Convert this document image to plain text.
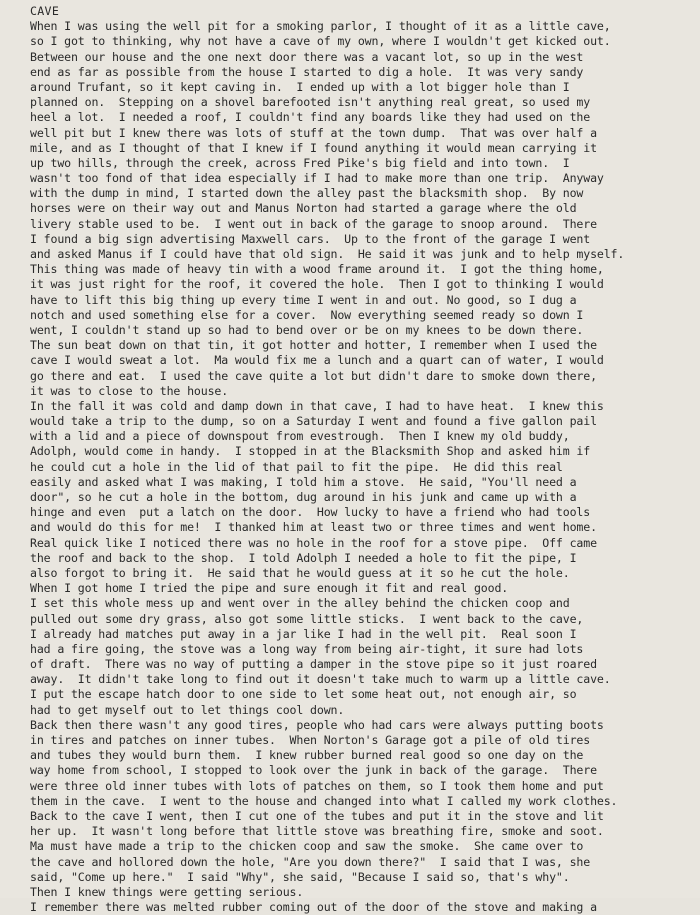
CAVE
When I was using the well pit for a smoking parlor, I thought of it as a little cave,
so I got to thinking, why not have a cave of my own, where I wouldn't get kicked out.
Between our house and the one next door there was a vacant lot, so up in the west
end as far as possible from the house I started to dig a hole.  It was very sandy
around Trufant, so it kept caving in.  I ended up with a lot bigger hole than I
planned on.  Stepping on a shovel barefooted isn't anything real great, so used my
heel a lot.  I needed a roof, I couldn't find any boards like they had used on the
well pit but I knew there was lots of stuff at the town dump.  That was over half a
mile, and as I thought of that I knew if I found anything it would mean carrying it
up two hills, through the creek, across Fred Pike's big field and into town.  I
wasn't too fond of that idea especially if I had to make more than one trip.  Anyway
with the dump in mind, I started down the alley past the blacksmith shop.  By now
horses were on their way out and Manus Norton had started a garage where the old
livery stable used to be.  I went out in back of the garage to snoop around.  There
I found a big sign advertising Maxwell cars.  Up to the front of the garage I went
and asked Manus if I could have that old sign.  He said it was junk and to help myself.
This thing was made of heavy tin with a wood frame around it.  I got the thing home,
it was just right for the roof, it covered the hole.  Then I got to thinking I would
have to lift this big thing up every time I went in and out. No good, so I dug a
notch and used something else for a cover.  Now everything seemed ready so down I
went, I couldn't stand up so had to bend over or be on my knees to be down there.
The sun beat down on that tin, it got hotter and hotter, I remember when I used the
cave I would sweat a lot.  Ma would fix me a lunch and a quart can of water, I would
go there and eat.  I used the cave quite a lot but didn't dare to smoke down there,
it was to close to the house.
In the fall it was cold and damp down in that cave, I had to have heat.  I knew this
would take a trip to the dump, so on a Saturday I went and found a five gallon pail
with a lid and a piece of downspout from evestrough.  Then I knew my old buddy,
Adolph, would come in handy.  I stopped in at the Blacksmith Shop and asked him if
he could cut a hole in the lid of that pail to fit the pipe.  He did this real
easily and asked what I was making, I told him a stove.  He said, "You'll need a
door", so he cut a hole in the bottom, dug around in his junk and came up with a
hinge and even  put a latch on the door.  How lucky to have a friend who had tools
and would do this for me!  I thanked him at least two or three times and went home.
Real quick like I noticed there was no hole in the roof for a stove pipe.  Off came
the roof and back to the shop.  I told Adolph I needed a hole to fit the pipe, I
also forgot to bring it.  He said that he would guess at it so he cut the hole.
When I got home I tried the pipe and sure enough it fit and real good.
I set this whole mess up and went over in the alley behind the chicken coop and
pulled out some dry grass, also got some little sticks.  I went back to the cave,
I already had matches put away in a jar like I had in the well pit.  Real soon I
had a fire going, the stove was a long way from being air-tight, it sure had lots
of draft.  There was no way of putting a damper in the stove pipe so it just roared
away.  It didn't take long to find out it doesn't take much to warm up a little cave.
I put the escape hatch door to one side to let some heat out, not enough air, so
had to get myself out to let things cool down.
Back then there wasn't any good tires, people who had cars were always putting boots
in tires and patches on inner tubes.  When Norton's Garage got a pile of old tires
and tubes they would burn them.  I knew rubber burned real good so one day on the
way home from school, I stopped to look over the junk in back of the garage.  There
were three old inner tubes with lots of patches on them, so I took them home and put
them in the cave.  I went to the house and changed into what I called my work clothes.
Back to the cave I went, then I cut one of the tubes and put it in the stove and lit
her up.  It wasn't long before that little stove was breathing fire, smoke and soot.
Ma must have made a trip to the chicken coop and saw the smoke.  She came over to
the cave and hollored down the hole, "Are you down there?"  I said that I was, she
said, "Come up here."  I said "Why", she said, "Because I said so, that's why".
Then I knew things were getting serious.
I remember there was melted rubber coming out of the door of the stove and making a
